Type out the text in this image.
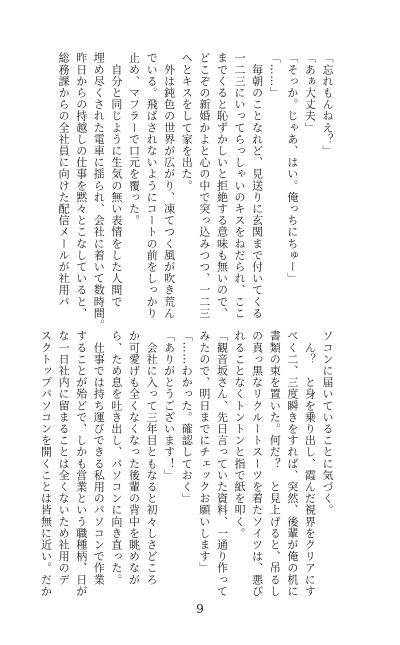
「忘れもんねえ？」

「あぁ大丈夫」

「そっか。じゃあ、はい。俺っちにちゅー」

「……」

　毎朝のことなれど、見送りに玄関まで付いてくる

一二三にいってらっしゃいのキスをねだられ、ここ

までくると恥ずかしいと拒絶する意味も無いので、

どこぞの新婚かよと心の中で突っ込みつつ、一二三

へとキスをして家を出た。

　外は鈍色の世界が広がり、凍てつく風が吹き荒ん

でいる。飛ばされないようにコートの前をしっかり

止め、マフラーで口元を覆った。

　自分と同じように生気の無い表情をした人間で

埋め尽くされた電車に揺られ、会社に着いて数時間。

昨日からの持越しの仕事を黙々とこなしていると、

総務課からの全社員に向けた配信メールが社用パ

ソコンに届いていることに気づく。

　ん？　と身を乗り出し、霞んだ視界をクリアにす

べく二、三度瞬きをすれば、突然、後輩が俺の机に

書類の束を置いた。何だ？　と見上げると、吊るし

の真っ黒なリクルートスーツを着たソイツは、悪び

れることなくトントンと指で紙を叩く。

「観音坂さん、先日言っていた資料、一通り作って

みたので、明日までにチェックお願いします」

「……わかった。確認しておく」

「ありがとうございます！」

　会社に入って三年目ともなると初々しさどころ

か可愛げも全くなくなった後輩の背中を眺めなが

ら、ため息を吐き出し、パソコンに向き直った。

　仕事では持ち運びできる私用のパソコンで作業

することが殆どで、しかも営業という職種柄、日が

な一日社内に留まることは全くないため社用のデ

スクトップパソコンを開くことは皆無に近い。だか

9
